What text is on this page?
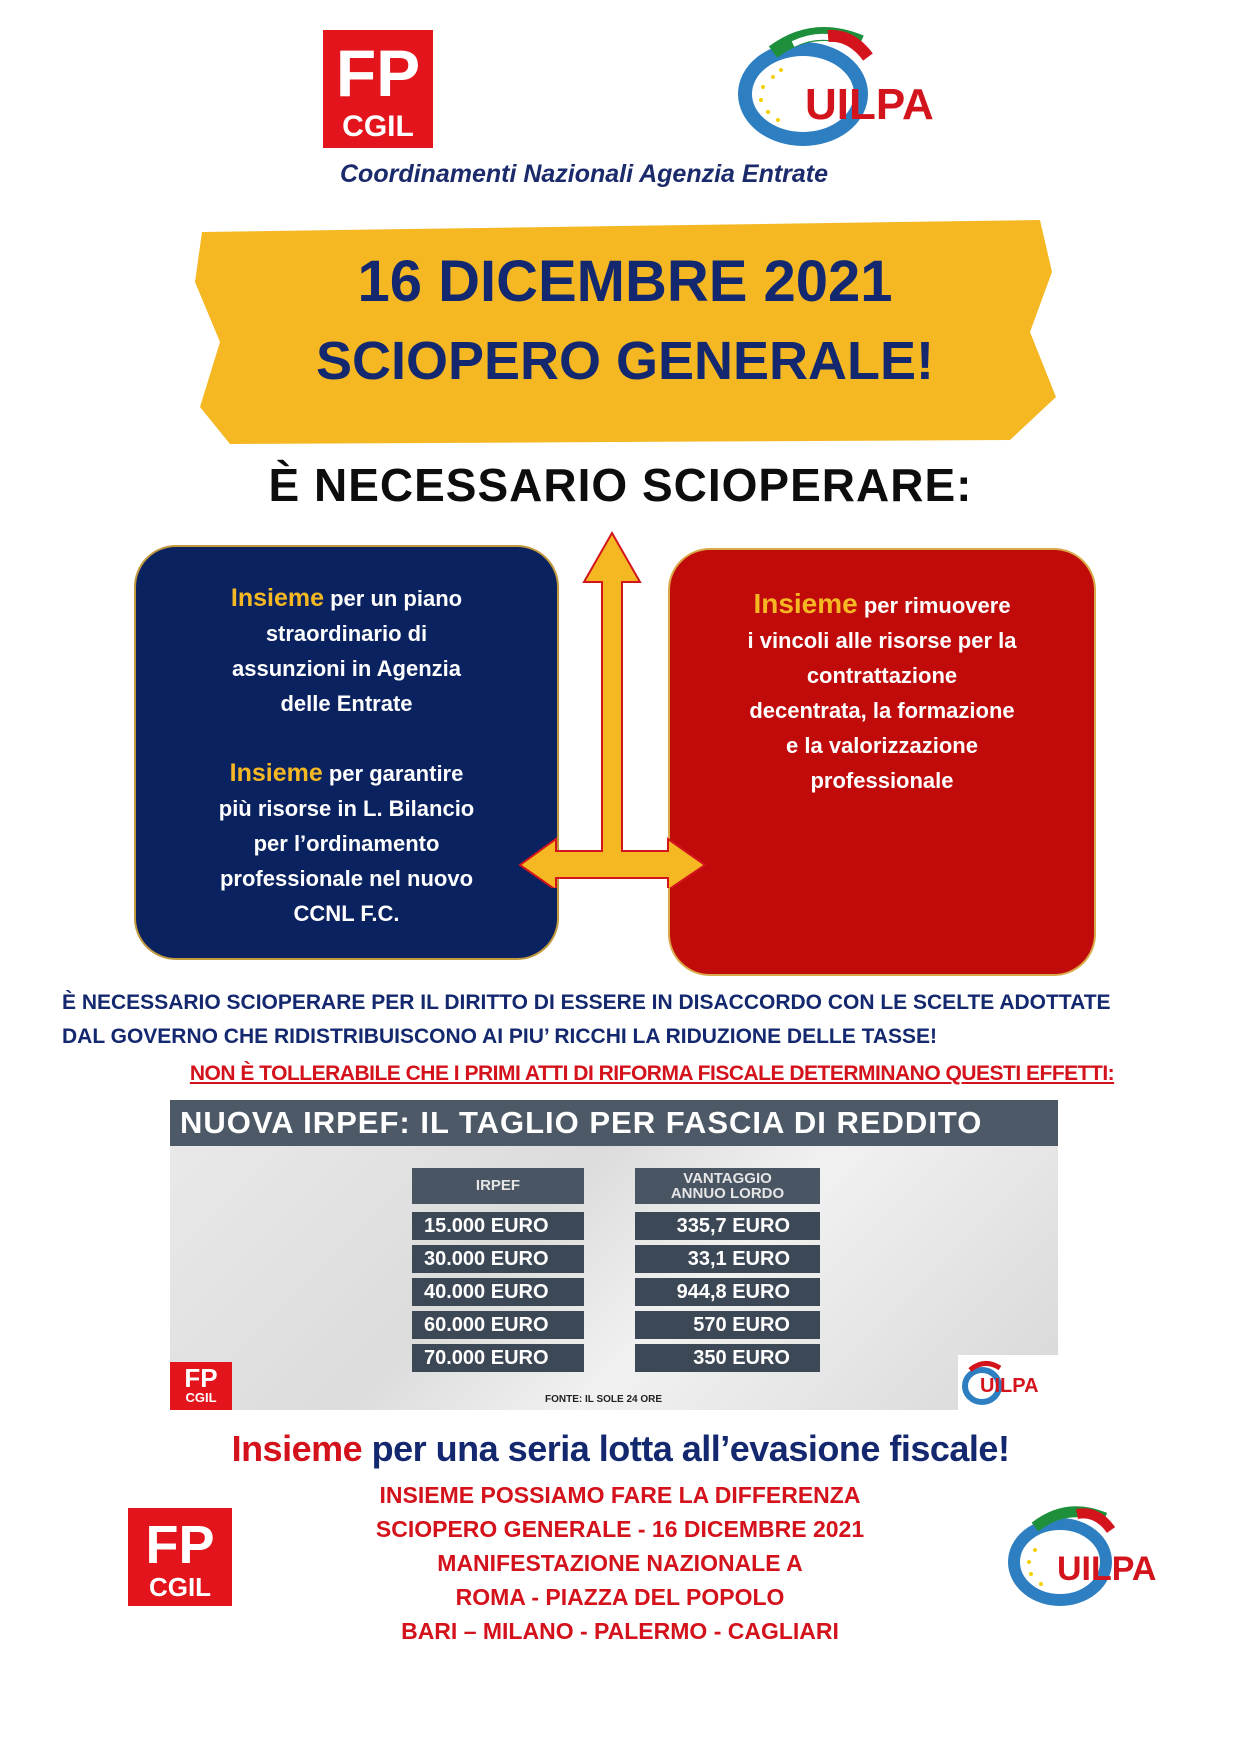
FP
CGIL	UILPA
Coordinamenti Nazionali Agenzia Entrate
16 DICEMBRE 2021
SCIOPERO GENERALE!
È NECESSARIO SCIOPERARE:
Insieme per un piano
straordinario di
assunzioni in Agenzia
delle Entrate
Insieme per garantire
più risorse in L. Bilancio
per l’ordinamento
professionale nel nuovo
CCNL F.C.
Insieme per rimuovere
i vincoli alle risorse per la
contrattazione
decentrata, la formazione
e la valorizzazione
professionale
È NECESSARIO SCIOPERARE PER IL DIRITTO DI ESSERE IN DISACCORDO CON LE SCELTE ADOTTATE
DAL GOVERNO CHE RIDISTRIBUISCONO AI PIU’ RICCHI LA RIDUZIONE DELLE TASSE!
NON È TOLLERABILE CHE I PRIMI ATTI DI RIFORMA FISCALE DETERMINANO QUESTI EFFETTI:
NUOVA IRPEF: IL TAGLIO PER FASCIA DI REDDITO
IRPEF	VANTAGGIO
ANNUO LORDO
15.000 EURO	335,7 EURO
30.000 EURO	33,1 EURO
40.000 EURO	944,8 EURO
60.000 EURO	570 EURO
70.000 EURO	350 EURO
FP
CGIL	FONTE: IL SOLE 24 ORE
UILPA
Insieme per una seria lotta all’evasione fiscale!
FP
CGIL
INSIEME POSSIAMO FARE LA DIFFERENZA
SCIOPERO GENERALE - 16 DICEMBRE 2021
MANIFESTAZIONE NAZIONALE A
ROMA - PIAZZA DEL POPOLO
BARI – MILANO - PALERMO - CAGLIARI
UILPA
